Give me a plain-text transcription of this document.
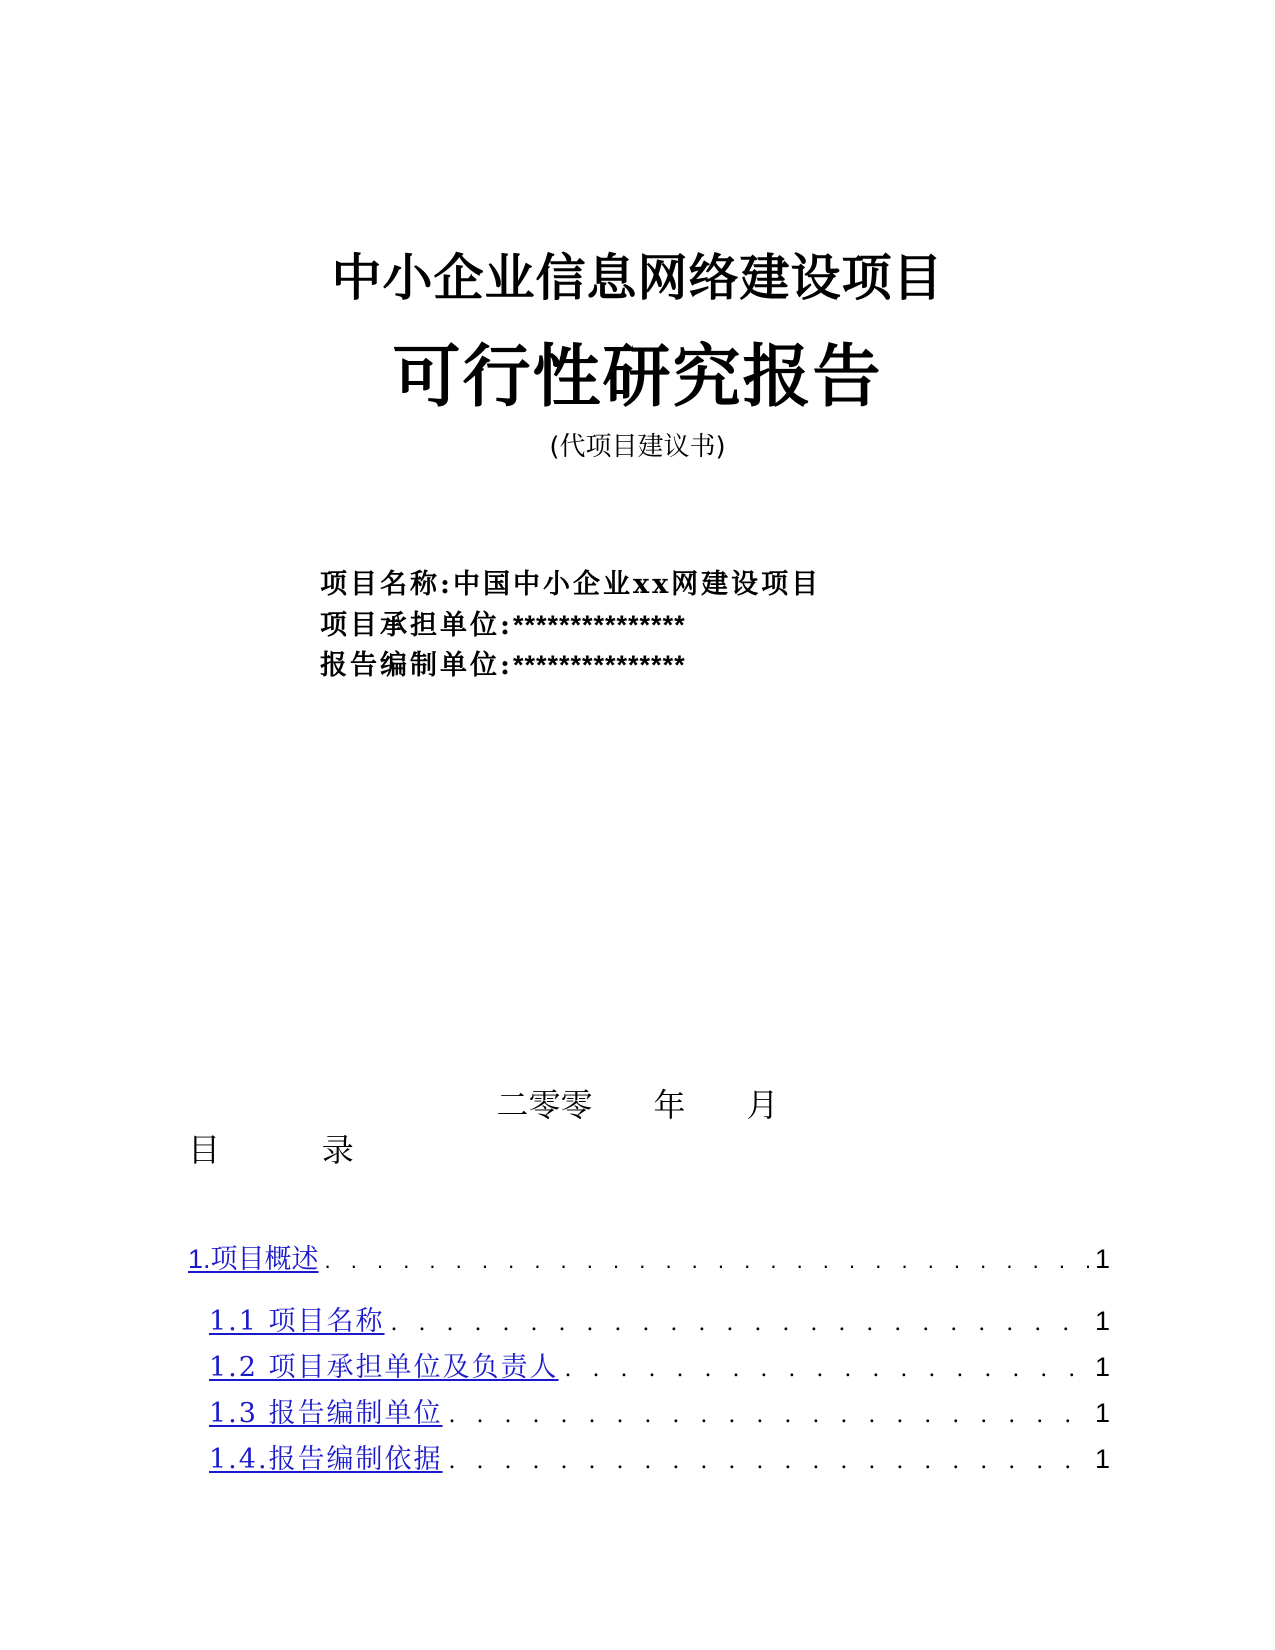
中小企业信息网络建设项目
可行性研究报告
(代项目建议书)
项目名称:中国中小企业xx网建设项目
项目承担单位:***************
报告编制单位:***************
二零零      年      月
目          录
1.项目概述 . . .	1
1.1 项目名称 . . .	1
1.2 项目承担单位及负责人 . . .	1
1.3 报告编制单位 . . .	1
1.4.报告编制依据 . . .	1
